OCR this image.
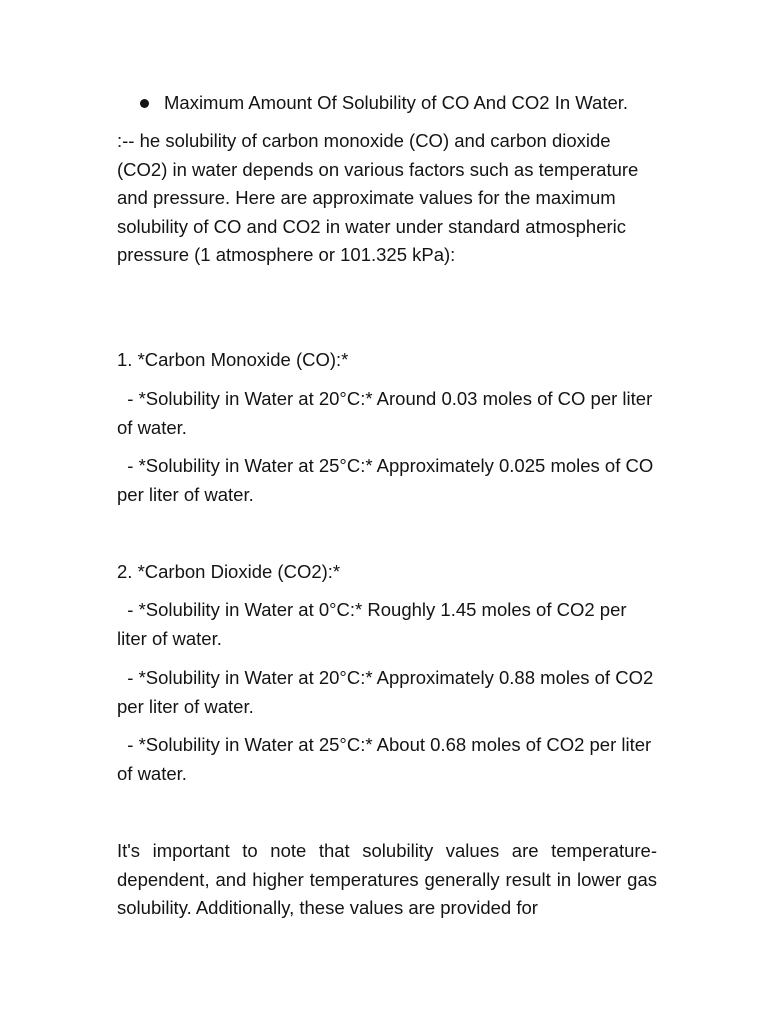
Maximum Amount Of Solubility of CO And CO2 In Water.

:-- he solubility of carbon monoxide (CO) and carbon dioxide (CO2) in water depends on various factors such as temperature and pressure. Here are approximate values for the maximum solubility of CO and CO2 in water under standard atmospheric pressure (1 atmosphere or 101.325 kPa):

1. *Carbon Monoxide (CO):*

- *Solubility in Water at 20°C:* Around 0.03 moles of CO per liter of water.

- *Solubility in Water at 25°C:* Approximately 0.025 moles of CO per liter of water.

2. *Carbon Dioxide (CO2):*

- *Solubility in Water at 0°C:* Roughly 1.45 moles of CO2 per liter of water.

- *Solubility in Water at 20°C:* Approximately 0.88 moles of CO2 per liter of water.

- *Solubility in Water at 25°C:* About 0.68 moles of CO2 per liter of water.

It's important to note that solubility values are temperature-dependent, and higher temperatures generally result in lower gas solubility. Additionally, these values are provided for
